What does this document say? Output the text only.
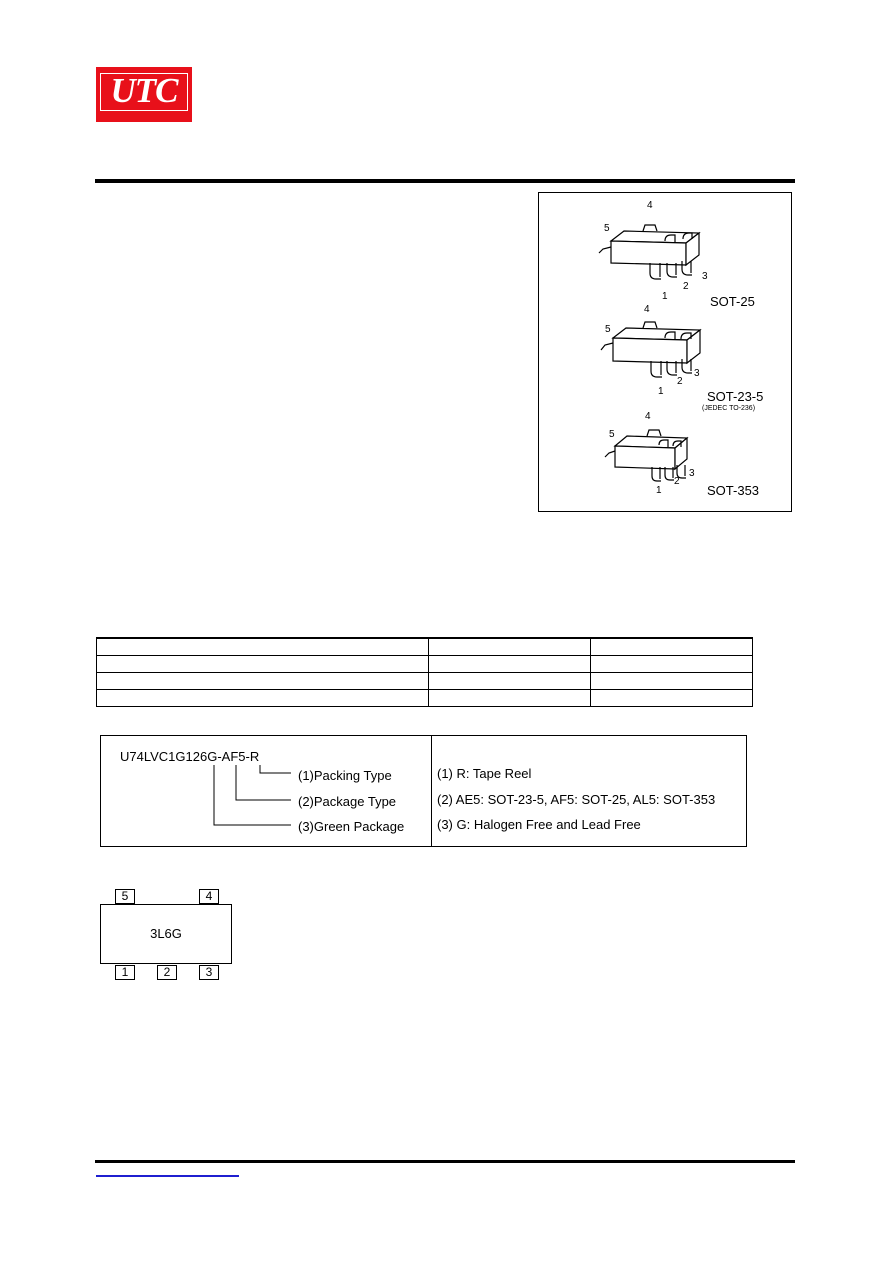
UTC
4
5
3
2
1	SOT-25
4
5
3
2
1	SOT-23-5
(JEDEC TO-236)
4
5
3
2
1	SOT-353

U74LVC1G126G-AF5-R
(1)Packing Type
(2)Package Type
(3)Green Package
(1) R: Tape Reel
(2) AE5: SOT-23-5, AF5: SOT-25, AL5: SOT-353
(3) G: Halogen Free and Lead Free
5	4
3L6G
1	2	3
